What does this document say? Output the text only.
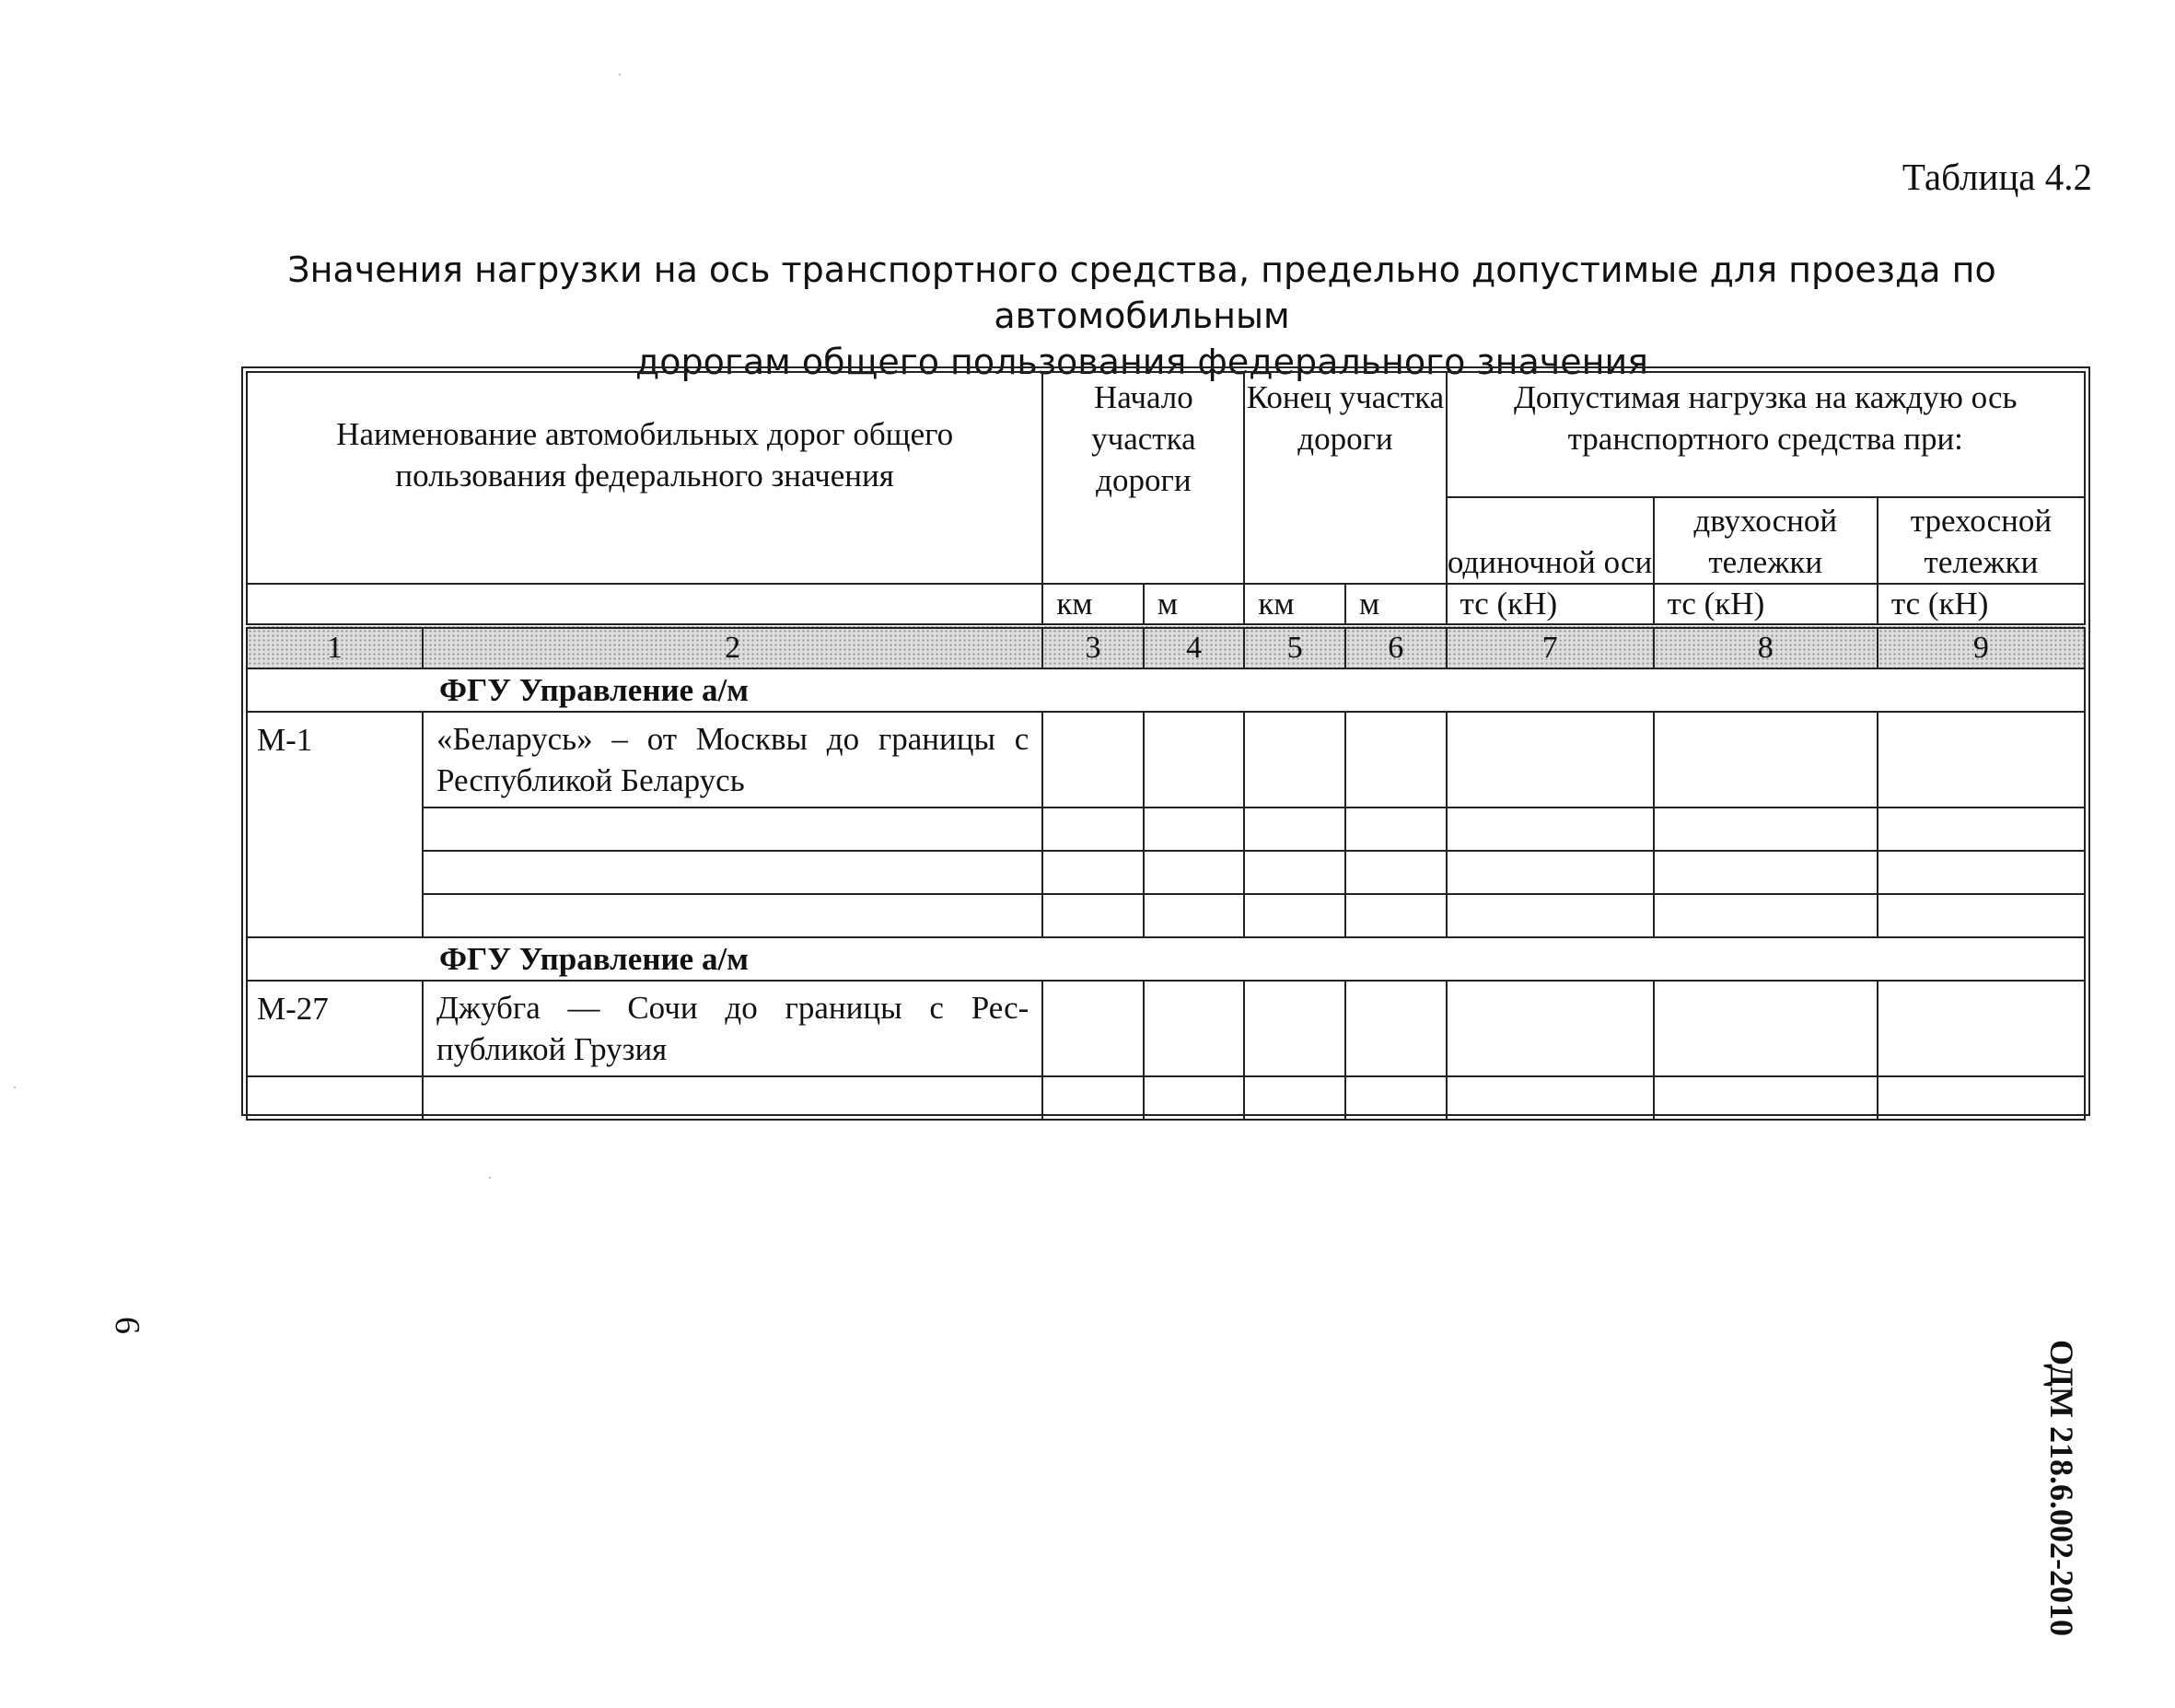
Таблица 4.2
Значения нагрузки на ось транспортного средства, предельно допустимые для проезда по автомобильным
дорогам общего пользования федерального значения
Наименование автомобильных дорог общего пользования федерального значения		Начало участка дороги		Конец участка дороги		Допустимая нагрузка на каждую ось транспортного средства при:		
						одиночной оси	двухосной тележки	трехосной тележки
		км	м	км	м	тс (кН)	тс (кН)	тс (кН)
1	2	3	4	5	6	7	8	9
ФГУ Управление а/м								
М-1	«Беларусь» – от Москвы до границы с Республикой Беларусь							

ФГУ Управление а/м								
М-27	Джубга — Сочи до границы с Рес-публикой Грузия							

ОДМ 218.6.002-2010
6
